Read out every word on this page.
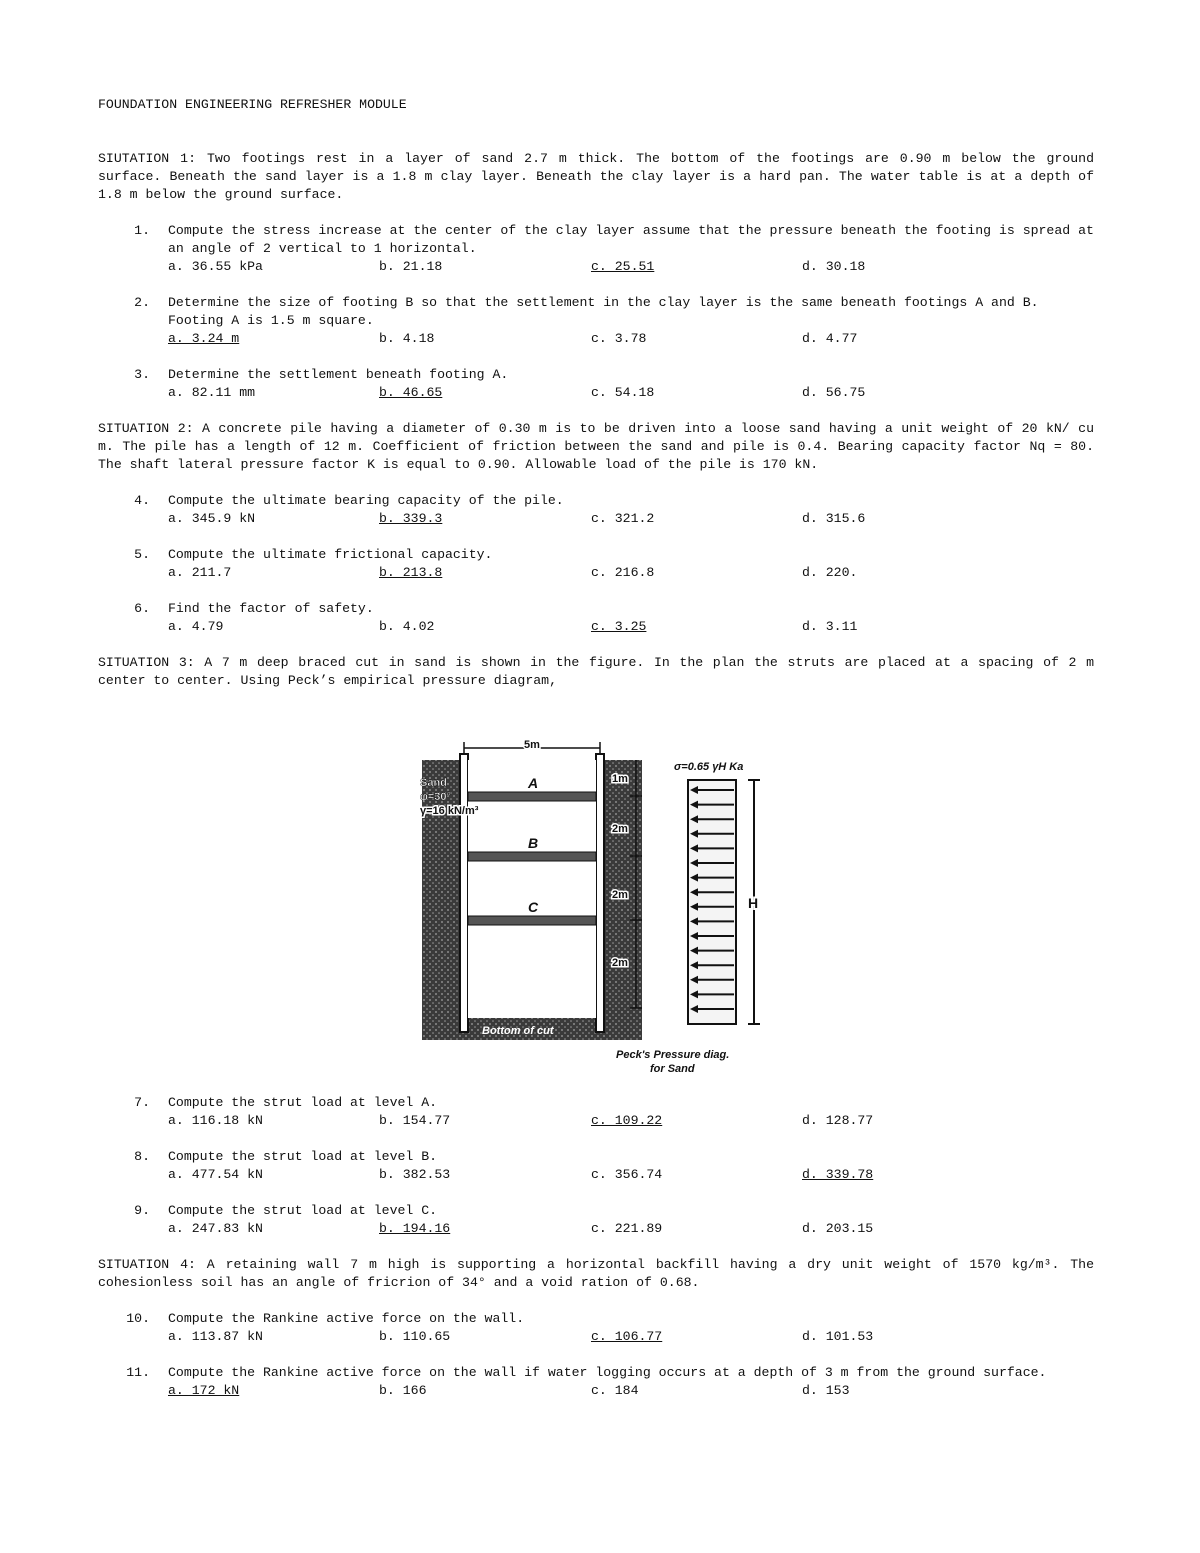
FOUNDATION ENGINEERING REFRESHER MODULE

SIUTATION 1: Two footings rest in a layer of sand 2.7 m thick. The bottom of the footings are 0.90 m below the ground surface. Beneath the sand layer is a 1.8 m clay layer. Beneath the clay layer is a hard pan. The water table is at a depth of 1.8 m below the ground surface.

1. Compute the stress increase at the center of the clay layer assume that the pressure beneath the footing is spread at an angle of 2 vertical to 1 horizontal.
a. 36.55 kPa	b. 21.18	c. 25.51	d. 30.18
2. Determine the size of footing B so that the settlement in the clay layer is the same beneath footings A and B. Footing A is 1.5 m square.
a. 3.24 m	b. 4.18	c. 3.78	d. 4.77
3. Determine the settlement beneath footing A.
a. 82.11 mm	b. 46.65	c. 54.18	d. 56.75

SITUATION 2: A concrete pile having a diameter of 0.30 m is to be driven into a loose sand having a unit weight of 20 kN/ cu m. The pile has a length of 12 m. Coefficient of friction between the sand and pile is 0.4. Bearing capacity factor Nq = 80. The shaft lateral pressure factor K is equal to 0.90. Allowable load of the pile is 170 kN.

4. Compute the ultimate bearing capacity of the pile.
a. 345.9 kN	b. 339.3	c. 321.2	d. 315.6
5. Compute the ultimate frictional capacity.
a. 211.7	b. 213.8	c. 216.8	d. 220.
6. Find the factor of safety.
a. 4.79	b. 4.02	c. 3.25	d. 3.11

SITUATION 3: A 7 m deep braced cut in sand is shown in the figure. In the plan the struts are placed at a spacing of 2 m center to center. Using Peck’s empirical pressure diagram,

5m
A
B
C
Sand
φ=30°
γ=16 kN/m³
1m
2m
2m
2m
Bottom of cut
σ=0.65 γH Ka
H
Peck's Pressure diag.
for Sand
7. Compute the strut load at level A.
a. 116.18 kN	b. 154.77	c. 109.22	d. 128.77
8. Compute the strut load at level B.
a. 477.54 kN	b. 382.53	c. 356.74	d. 339.78
9. Compute the strut load at level C.
a. 247.83 kN	b. 194.16	c. 221.89	d. 203.15

SITUATION 4: A retaining wall 7 m high is supporting a horizontal backfill having a dry unit weight of 1570 kg/m³. The cohesionless soil has an angle of fricrion of 34° and a void ration of 0.68.

10. Compute the Rankine active force on the wall.
a. 113.87 kN	b. 110.65	c. 106.77	d. 101.53
11. Compute the Rankine active force on the wall if water logging occurs at a depth of 3 m from the ground surface.
a. 172 kN	b. 166	c. 184	d. 153
